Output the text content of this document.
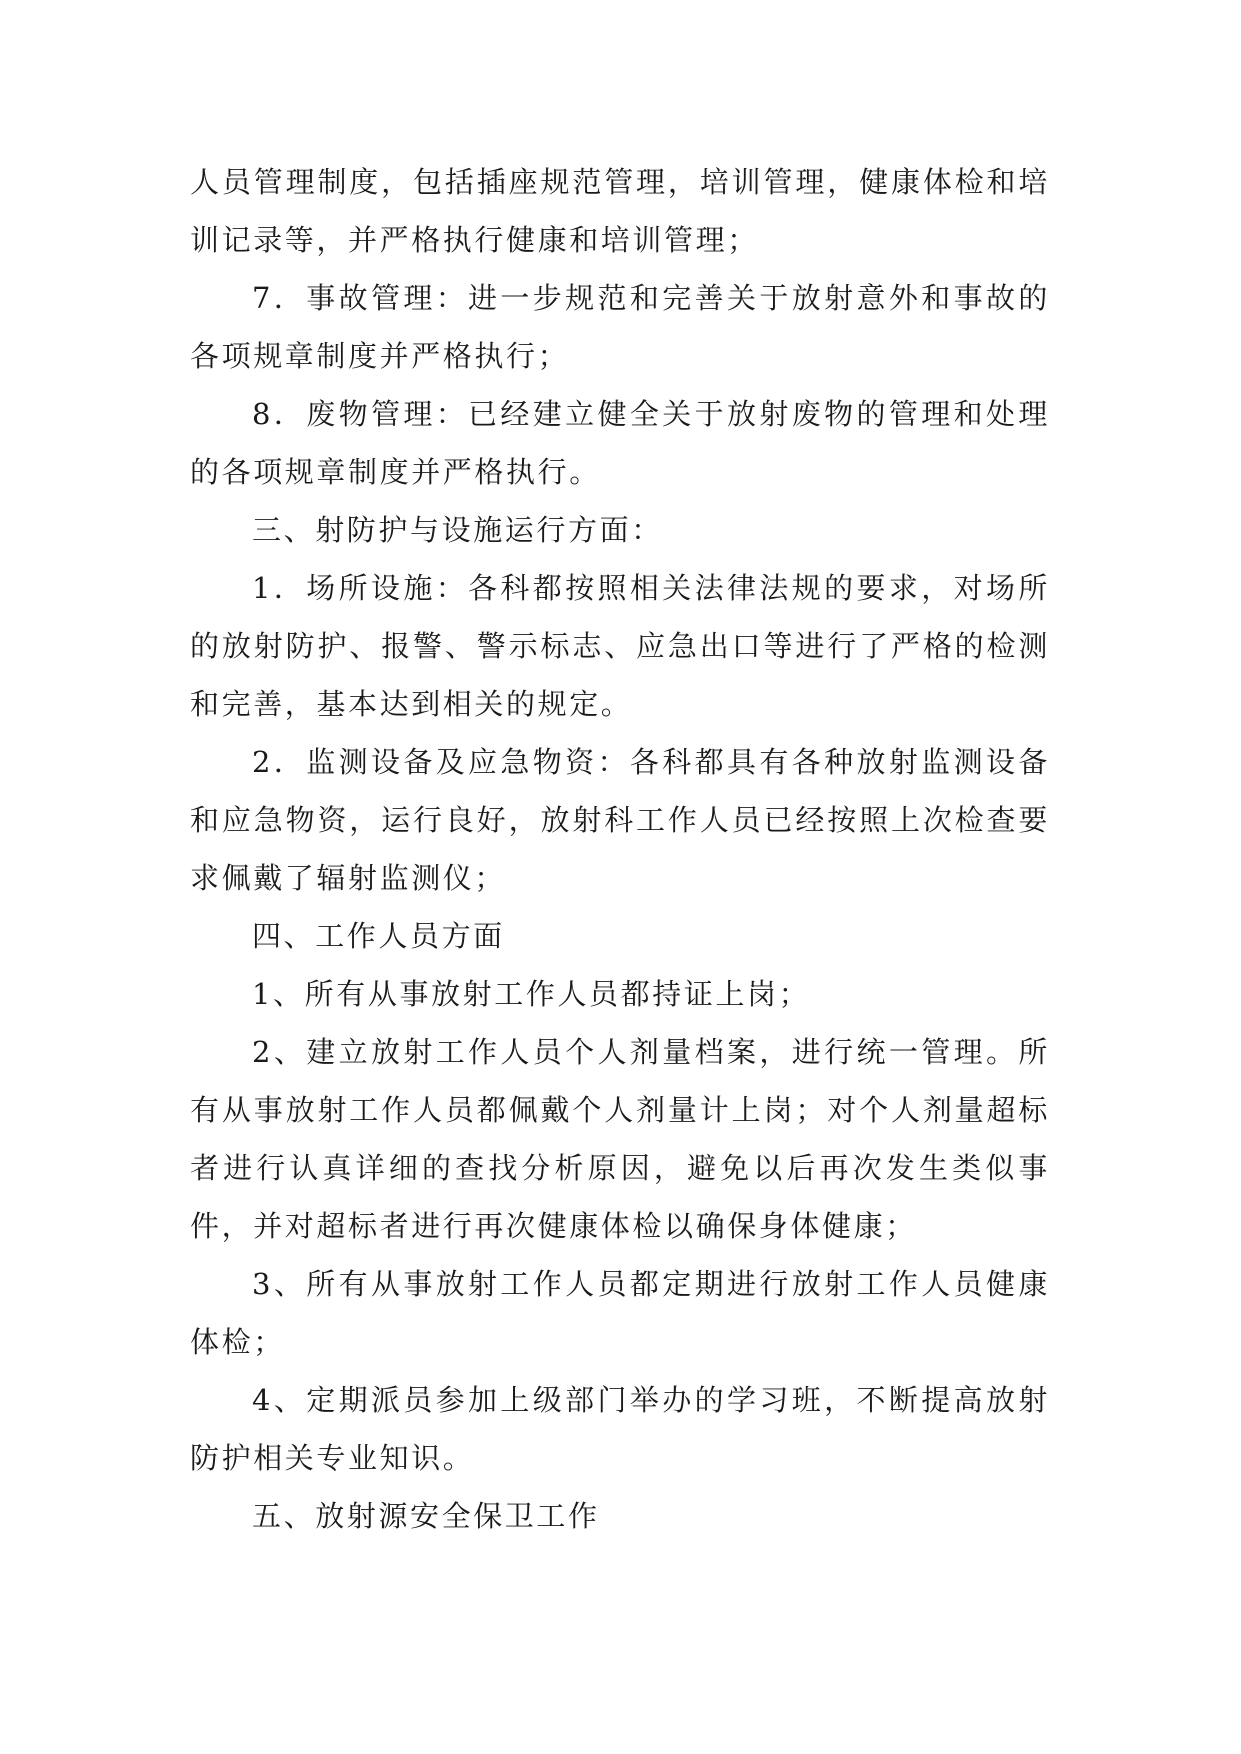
人员管理制度，包括插座规范管理，培训管理，健康体检和培训记录等，并严格执行健康和培训管理；

7．事故管理：进一步规范和完善关于放射意外和事故的各项规章制度并严格执行；

8．废物管理：已经建立健全关于放射废物的管理和处理的各项规章制度并严格执行。

三、射防护与设施运行方面：

1．场所设施：各科都按照相关法律法规的要求，对场所的放射防护、报警、警示标志、应急出口等进行了严格的检测和完善，基本达到相关的规定。

2．监测设备及应急物资：各科都具有各种放射监测设备和应急物资，运行良好，放射科工作人员已经按照上次检查要求佩戴了辐射监测仪；

四、工作人员方面

1、所有从事放射工作人员都持证上岗；

2、建立放射工作人员个人剂量档案，进行统一管理。所有从事放射工作人员都佩戴个人剂量计上岗；对个人剂量超标者进行认真详细的查找分析原因，避免以后再次发生类似事件，并对超标者进行再次健康体检以确保身体健康；

3、所有从事放射工作人员都定期进行放射工作人员健康体检；

4、定期派员参加上级部门举办的学习班，不断提高放射防护相关专业知识。

五、放射源安全保卫工作
